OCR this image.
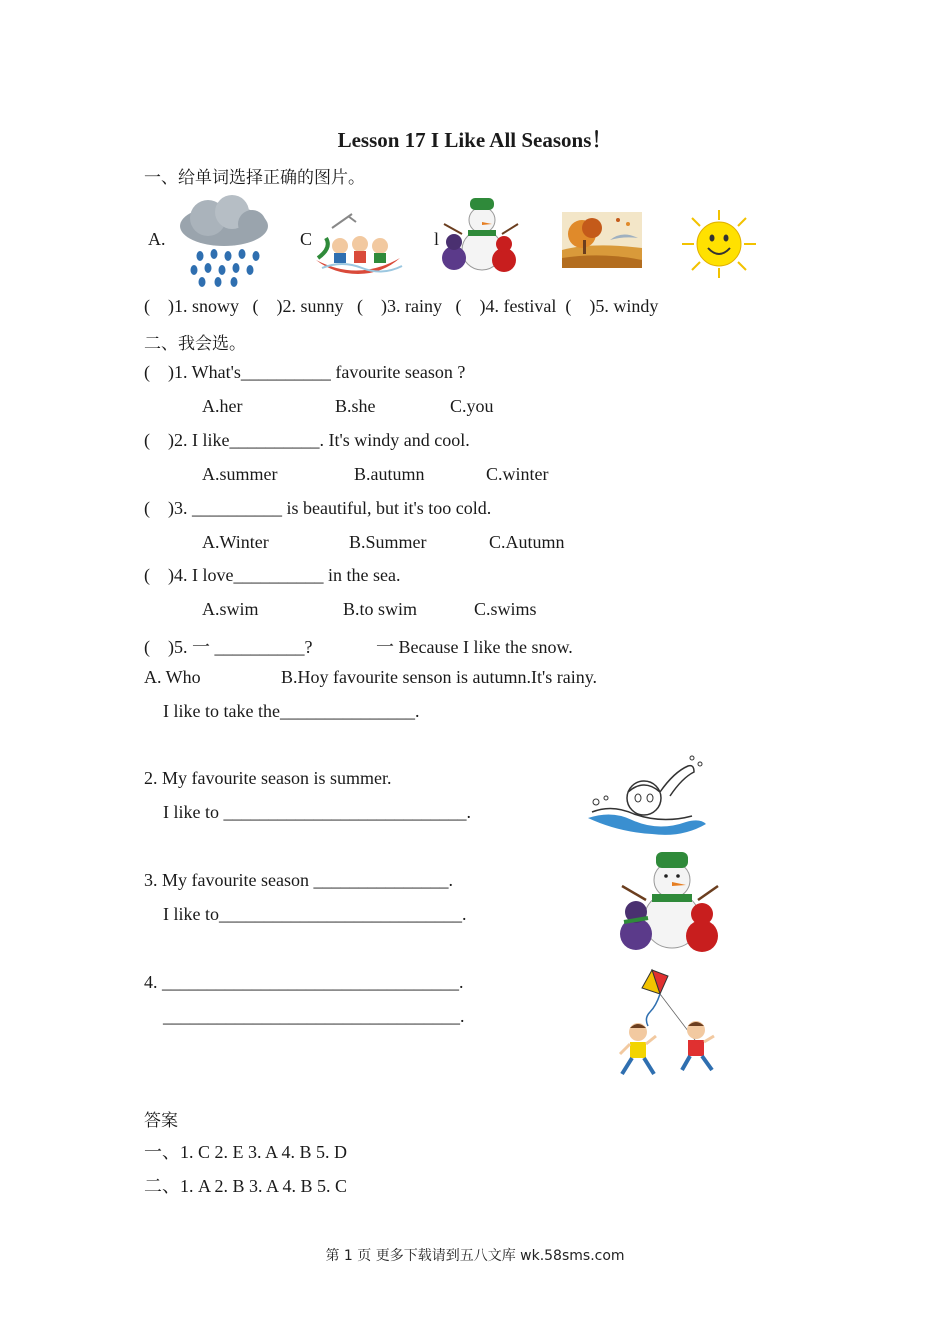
Lesson 17 I Like All Seasons！
一、给单词选择正确的图片。
A.	C	l
(    )1. snowy   (    )2. sunny   (    )3. rainy   (    )4. festival  (    )5. windy
二、我会选。
(    )1. What's__________ favourite season ?
A.her	B.she	C.you
(    )2. I like__________. It's windy and cool.
A.summer	B.autumn	C.winter
(    )3. __________ is beautiful, but it's too cold.
A.Winter	B.Summer	C.Autumn
(    )4. I love__________ in the sea.
A.swim	B.to swim	C.swims
(    )5. 一 __________?	一 Because I like the snow.
A. Who	B.Hoy favourite senson is autumn.It's rainy.
I like to take the_______________.
2. My favourite season is summer.
I like to ___________________________.
3. My favourite season _______________.
I like to___________________________.
4. _________________________________.
_________________________________.
答案
一、1. C 2. E 3. A 4. B 5. D
二、1. A 2. B 3. A 4. B 5. C
第 1 页 更多下载请到五八文库 wk.58sms.com
